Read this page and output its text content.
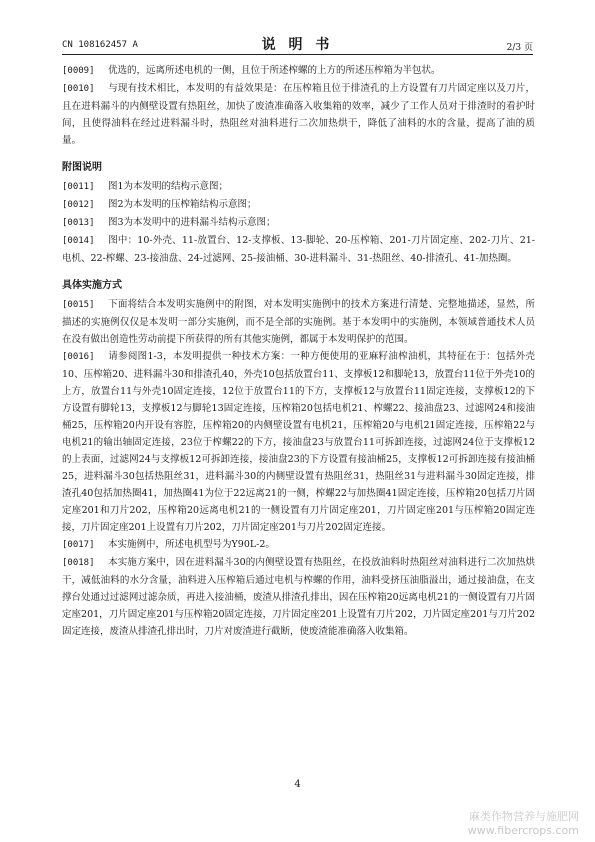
CN 108162457 A	说 明 书	2/3 页

[0009] 优选的，远离所述电机的一侧，且位于所述榨螺的上方的所述压榨箱为半包状。

[0010] 与现有技术相比，本发明的有益效果是：在压榨箱且位于排渣孔的上方设置有刀片固定座以及刀片，且在进料漏斗的内侧壁设置有热阻丝，加快了废渣准确落入收集箱的效率，减少了工作人员对于排渣时的看护时间，且使得油料在经过进料漏斗时，热阻丝对油料进行二次加热烘干，降低了油料的水的含量，提高了油的质量。

附图说明

[0011] 图1为本发明的结构示意图；

[0012] 图2为本发明的压榨箱结构示意图；

[0013] 图3为本发明中的进料漏斗结构示意图；

[0014] 图中：10-外壳、11-放置台、12-支撑板、13-脚轮、20-压榨箱、201-刀片固定座、202-刀片、21-电机、22-榨螺、23-接油盘、24-过滤网、25-接油桶、30-进料漏斗、31-热阻丝、40-排渣孔、41-加热圈。

具体实施方式

[0015] 下面将结合本发明实施例中的附图，对本发明实施例中的技术方案进行清楚、完整地描述，显然，所描述的实施例仅仅是本发明一部分实施例，而不是全部的实施例。基于本发明中的实施例，本领域普通技术人员在没有做出创造性劳动前提下所获得的所有其他实施例，都属于本发明保护的范围。

[0016] 请参阅图1-3，本发明提供一种技术方案：一种方便使用的亚麻籽油榨油机，其特征在于：包括外壳10、压榨箱20、进料漏斗30和排渣孔40，外壳10包括放置台11、支撑板12和脚轮13，放置台11位于外壳10的上方，放置台11与外壳10固定连接，12位于放置台11的下方，支撑板12与放置台11固定连接，支撑板12的下方设置有脚轮13，支撑板12与脚轮13固定连接，压榨箱20包括电机21、榨螺22、接油盘23、过滤网24和接油桶25，压榨箱20内开设有容腔，压榨箱20的内侧壁设置有电机21，压榨箱20与电机21固定连接，压榨箱22与电机21的输出轴固定连接，23位于榨螺22的下方，接油盘23与放置台11可拆卸连接，过滤网24位于支撑板12的上表面，过滤网24与支撑板12可拆卸连接，接油盘23的下方设置有接油桶25，支撑板12可拆卸连接有接油桶25，进料漏斗30包括热阻丝31，进料漏斗30的内侧壁设置有热阻丝31，热阻丝31与进料漏斗30固定连接，排渣孔40包括加热圈41，加热圈41为位于22远离21的一侧，榨螺22与加热圈41固定连接，压榨箱20包括刀片固定座201和刀片202，压榨箱20远离电机21的一侧设置有刀片固定座201，刀片固定座201与压榨箱20固定连接，刀片固定座201上设置有刀片202，刀片固定座201与刀片202固定连接。

[0017] 本实施例中，所述电机型号为Y90L-2。

[0018] 本实施方案中，因在进料漏斗30的内侧壁设置有热阻丝，在投放油料时热阻丝对油料进行二次加热烘干，减低油料的水分含量，油料进入压榨箱后通过电机与榨螺的作用，油料受挤压油脂溢出，通过接油盘，在支撑台处通过过滤网过滤杂质，再进入接油桶，废渣从排渣孔排出，因在压榨箱20远离电机21的一侧设置有刀片固定座201，刀片固定座201与压榨箱20固定连接，刀片固定座201上设置有刀片202，刀片固定座201与刀片202固定连接，废渣从排渣孔排出时，刀片对废渣进行截断，使废渣能准确落入收集箱。

4
麻类作物营养与施肥网
www.fibercrops.com
